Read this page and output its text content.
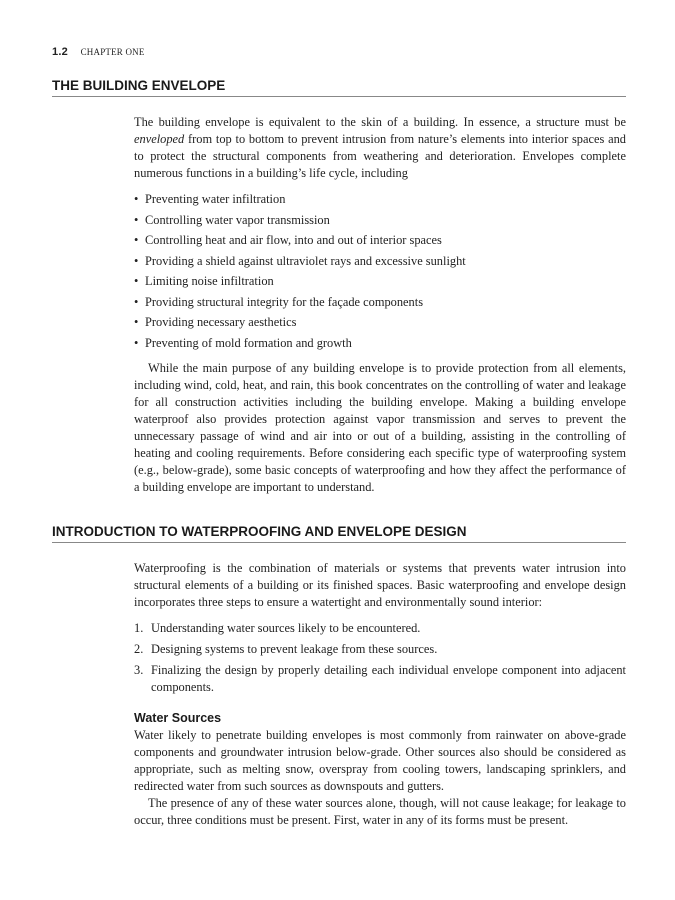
1.2 CHAPTER ONE
THE BUILDING ENVELOPE

The building envelope is equivalent to the skin of a building. In essence, a structure must be enveloped from top to bottom to prevent intrusion from nature’s elements into interior spaces and to protect the structural components from weathering and deterioration. Envelopes complete numerous functions in a building’s life cycle, including

• Preventing water infiltration
• Controlling water vapor transmission
• Controlling heat and air flow, into and out of interior spaces
• Providing a shield against ultraviolet rays and excessive sunlight
• Limiting noise infiltration
• Providing structural integrity for the façade components
• Providing necessary aesthetics
• Preventing of mold formation and growth

While the main purpose of any building envelope is to provide protection from all elements, including wind, cold, heat, and rain, this book concentrates on the controlling of water and leakage for all construction activities including the building envelope. Making a building envelope waterproof also provides protection against vapor transmission and serves to prevent the unnecessary passage of wind and air into or out of a building, assisting in the controlling of heating and cooling requirements. Before considering each specific type of waterproofing system (e.g., below-grade), some basic concepts of waterproofing and how they affect the performance of a building envelope are important to understand.

INTRODUCTION TO WATERPROOFING AND ENVELOPE DESIGN

Waterproofing is the combination of materials or systems that prevents water intrusion into structural elements of a building or its finished spaces. Basic waterproofing and envelope design incorporates three steps to ensure a watertight and environmentally sound interior:

1. Understanding water sources likely to be encountered.
2. Designing systems to prevent leakage from these sources.
3. Finalizing the design by properly detailing each individual envelope component into adjacent components.
Water Sources

Water likely to penetrate building envelopes is most commonly from rainwater on above-grade components and groundwater intrusion below-grade. Other sources also should be considered as appropriate, such as melting snow, overspray from cooling towers, landscaping sprinklers, and redirected water from such sources as downspouts and gutters.

The presence of any of these water sources alone, though, will not cause leakage; for leakage to occur, three conditions must be present. First, water in any of its forms must be present.
